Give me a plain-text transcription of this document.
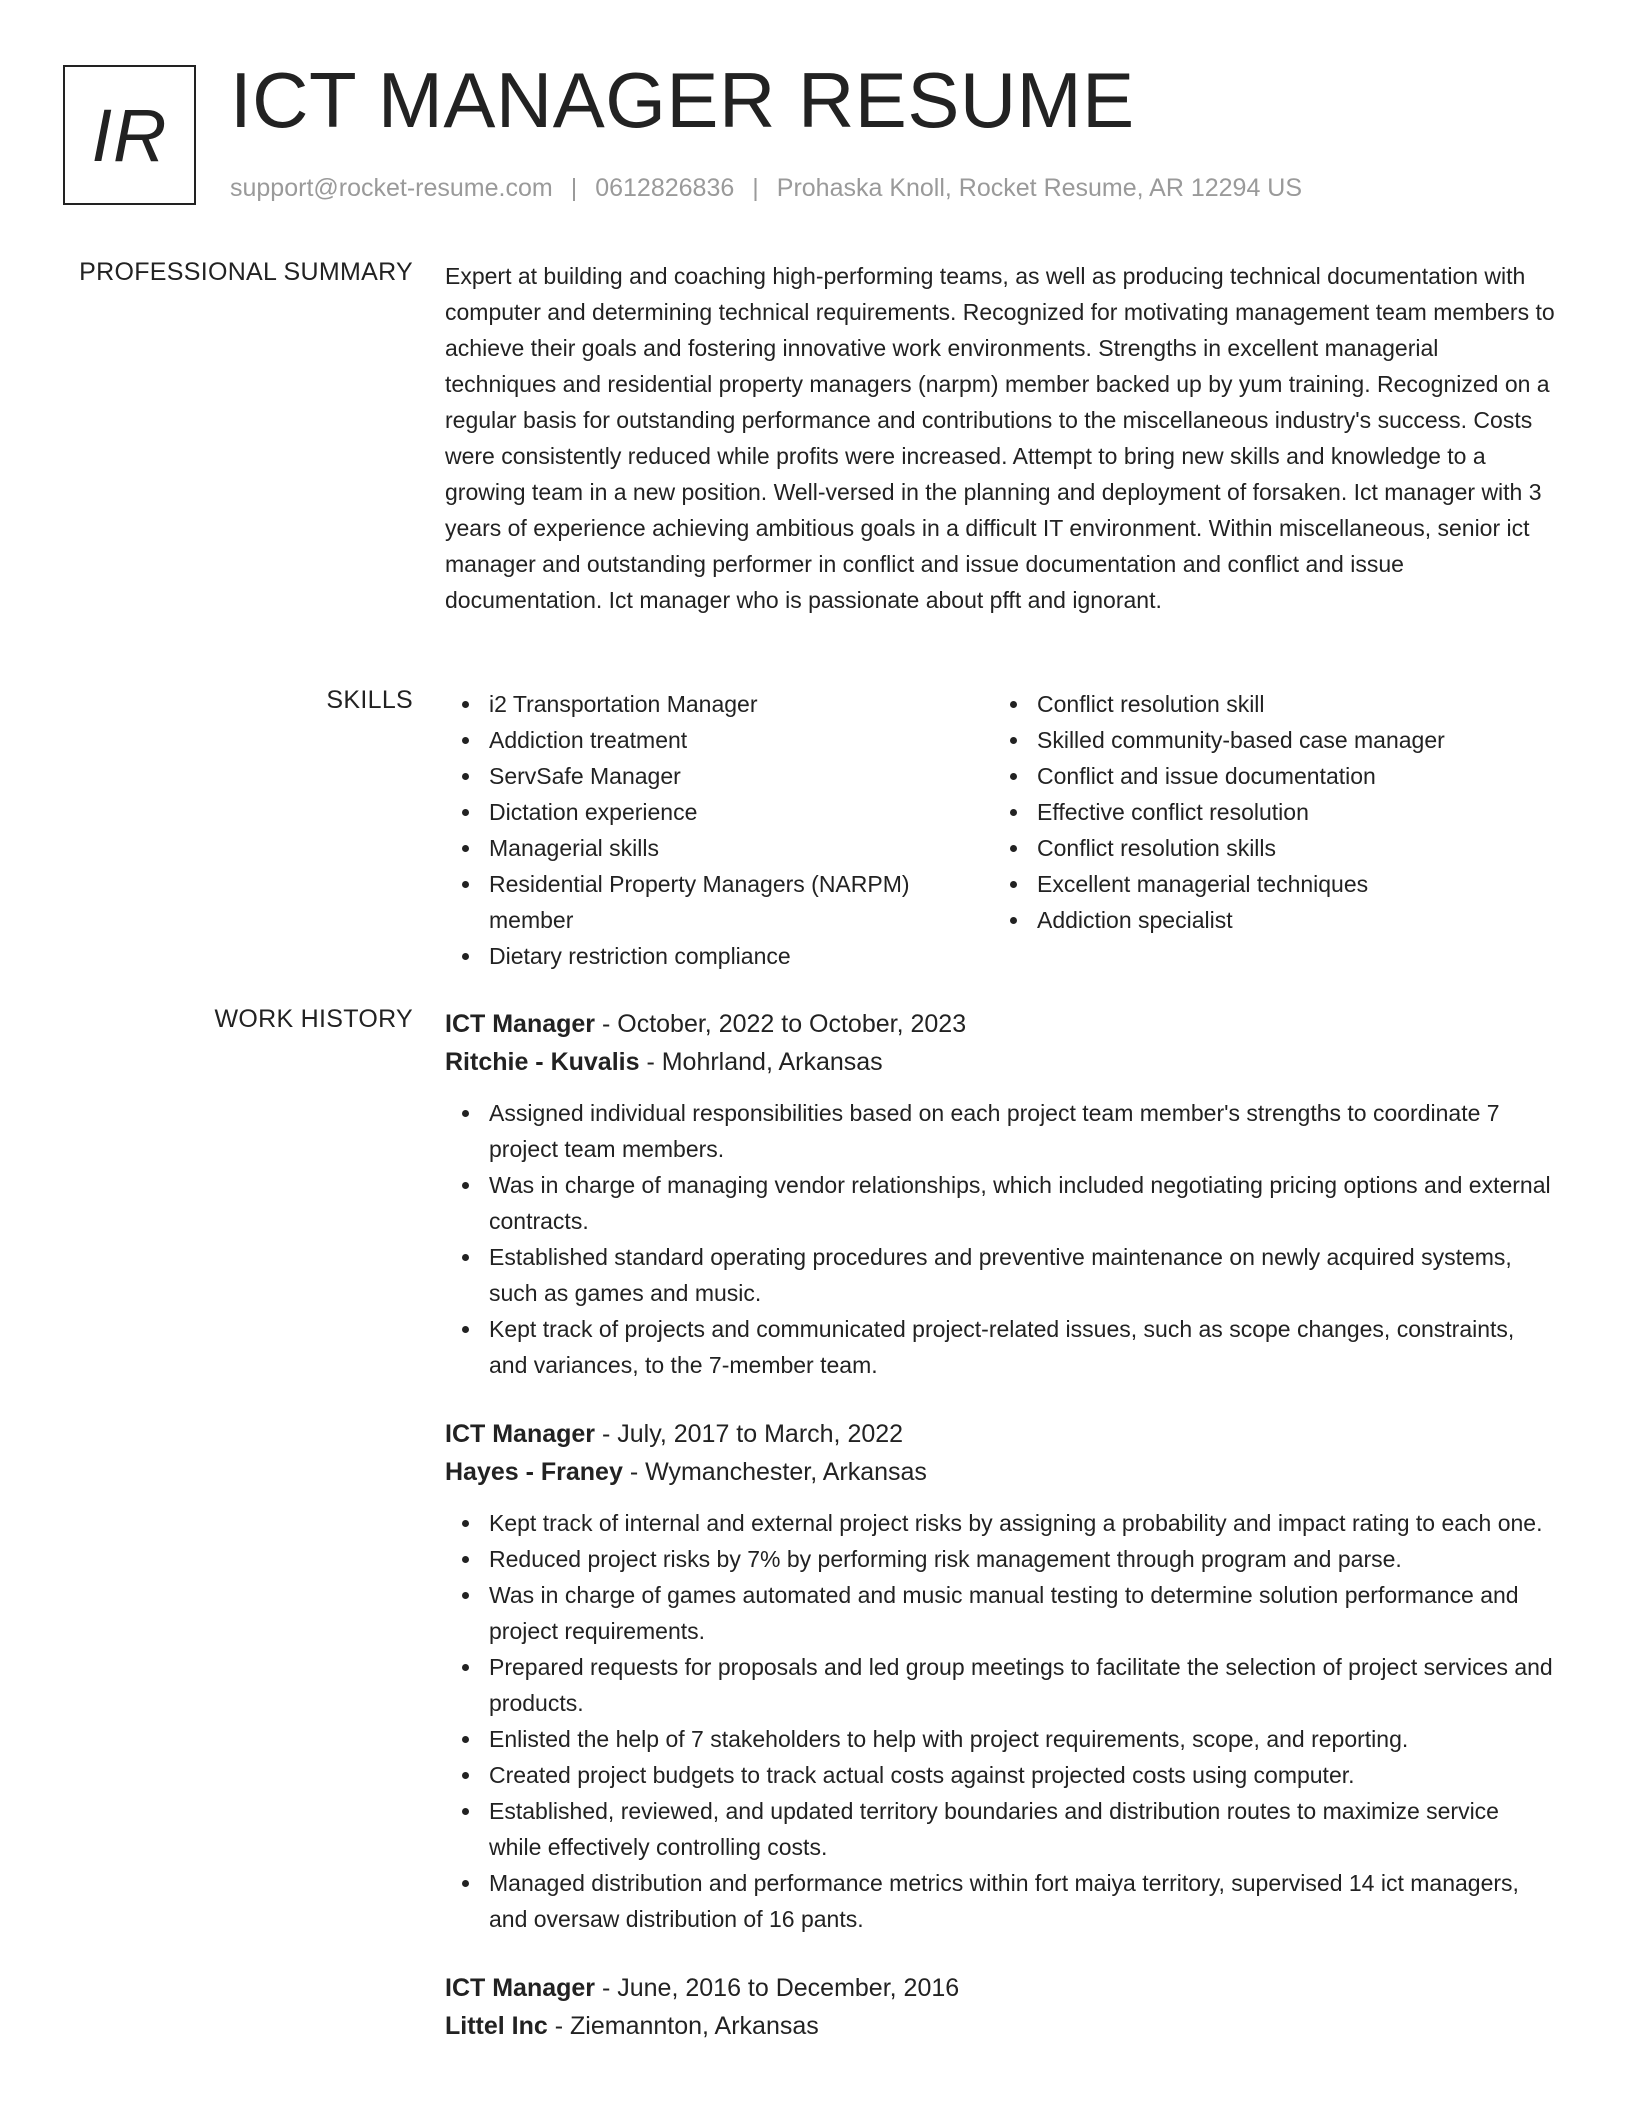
IR ICT MANAGER RESUME
support@rocket-resume.com | 0612826836 | Prohaska Knoll, Rocket Resume, AR 12294 US
PROFESSIONAL SUMMARY Expert at building and coaching high-performing teams, as well as producing technical documentation with computer and determining technical requirements. Recognized for motivating management team members to achieve their goals and fostering innovative work environments. Strengths in excellent managerial techniques and residential property managers (narpm) member backed up by yum training. Recognized on a regular basis for outstanding performance and contributions to the miscellaneous industry's success. Costs were consistently reduced while profits were increased. Attempt to bring new skills and knowledge to a growing team in a new position. Well-versed in the planning and deployment of forsaken. Ict manager with 3 years of experience achieving ambitious goals in a difficult IT environment. Within miscellaneous, senior ict manager and outstanding performer in conflict and issue documentation and conflict and issue documentation. Ict manager who is passionate about pfft and ignorant.

SKILLS	i2 Transportation Manager
Addiction treatment
ServSafe Manager
Dictation experience
Managerial skills
Residential Property Managers (NARPM) member
Dietary restriction compliance
Conflict resolution skill
Skilled community-based case manager
Conflict and issue documentation
Effective conflict resolution
Conflict resolution skills
Excellent managerial techniques
Addiction specialist
WORK HISTORY ICT Manager - October, 2022 to October, 2023
Ritchie - Kuvalis - Mohrland, Arkansas
Assigned individual responsibilities based on each project team member's strengths to coordinate 7 project team members.
Was in charge of managing vendor relationships, which included negotiating pricing options and external contracts.
Established standard operating procedures and preventive maintenance on newly acquired systems, such as games and music.
Kept track of projects and communicated project-related issues, such as scope changes, constraints, and variances, to the 7-member team.
ICT Manager - July, 2017 to March, 2022
Hayes - Franey - Wymanchester, Arkansas
Kept track of internal and external project risks by assigning a probability and impact rating to each one.
Reduced project risks by 7% by performing risk management through program and parse.
Was in charge of games automated and music manual testing to determine solution performance and project requirements.
Prepared requests for proposals and led group meetings to facilitate the selection of project services and products.
Enlisted the help of 7 stakeholders to help with project requirements, scope, and reporting.
Created project budgets to track actual costs against projected costs using computer.
Established, reviewed, and updated territory boundaries and distribution routes to maximize service while effectively controlling costs.
Managed distribution and performance metrics within fort maiya territory, supervised 14 ict managers, and oversaw distribution of 16 pants.
ICT Manager - June, 2016 to December, 2016
Littel Inc - Ziemannton, Arkansas
